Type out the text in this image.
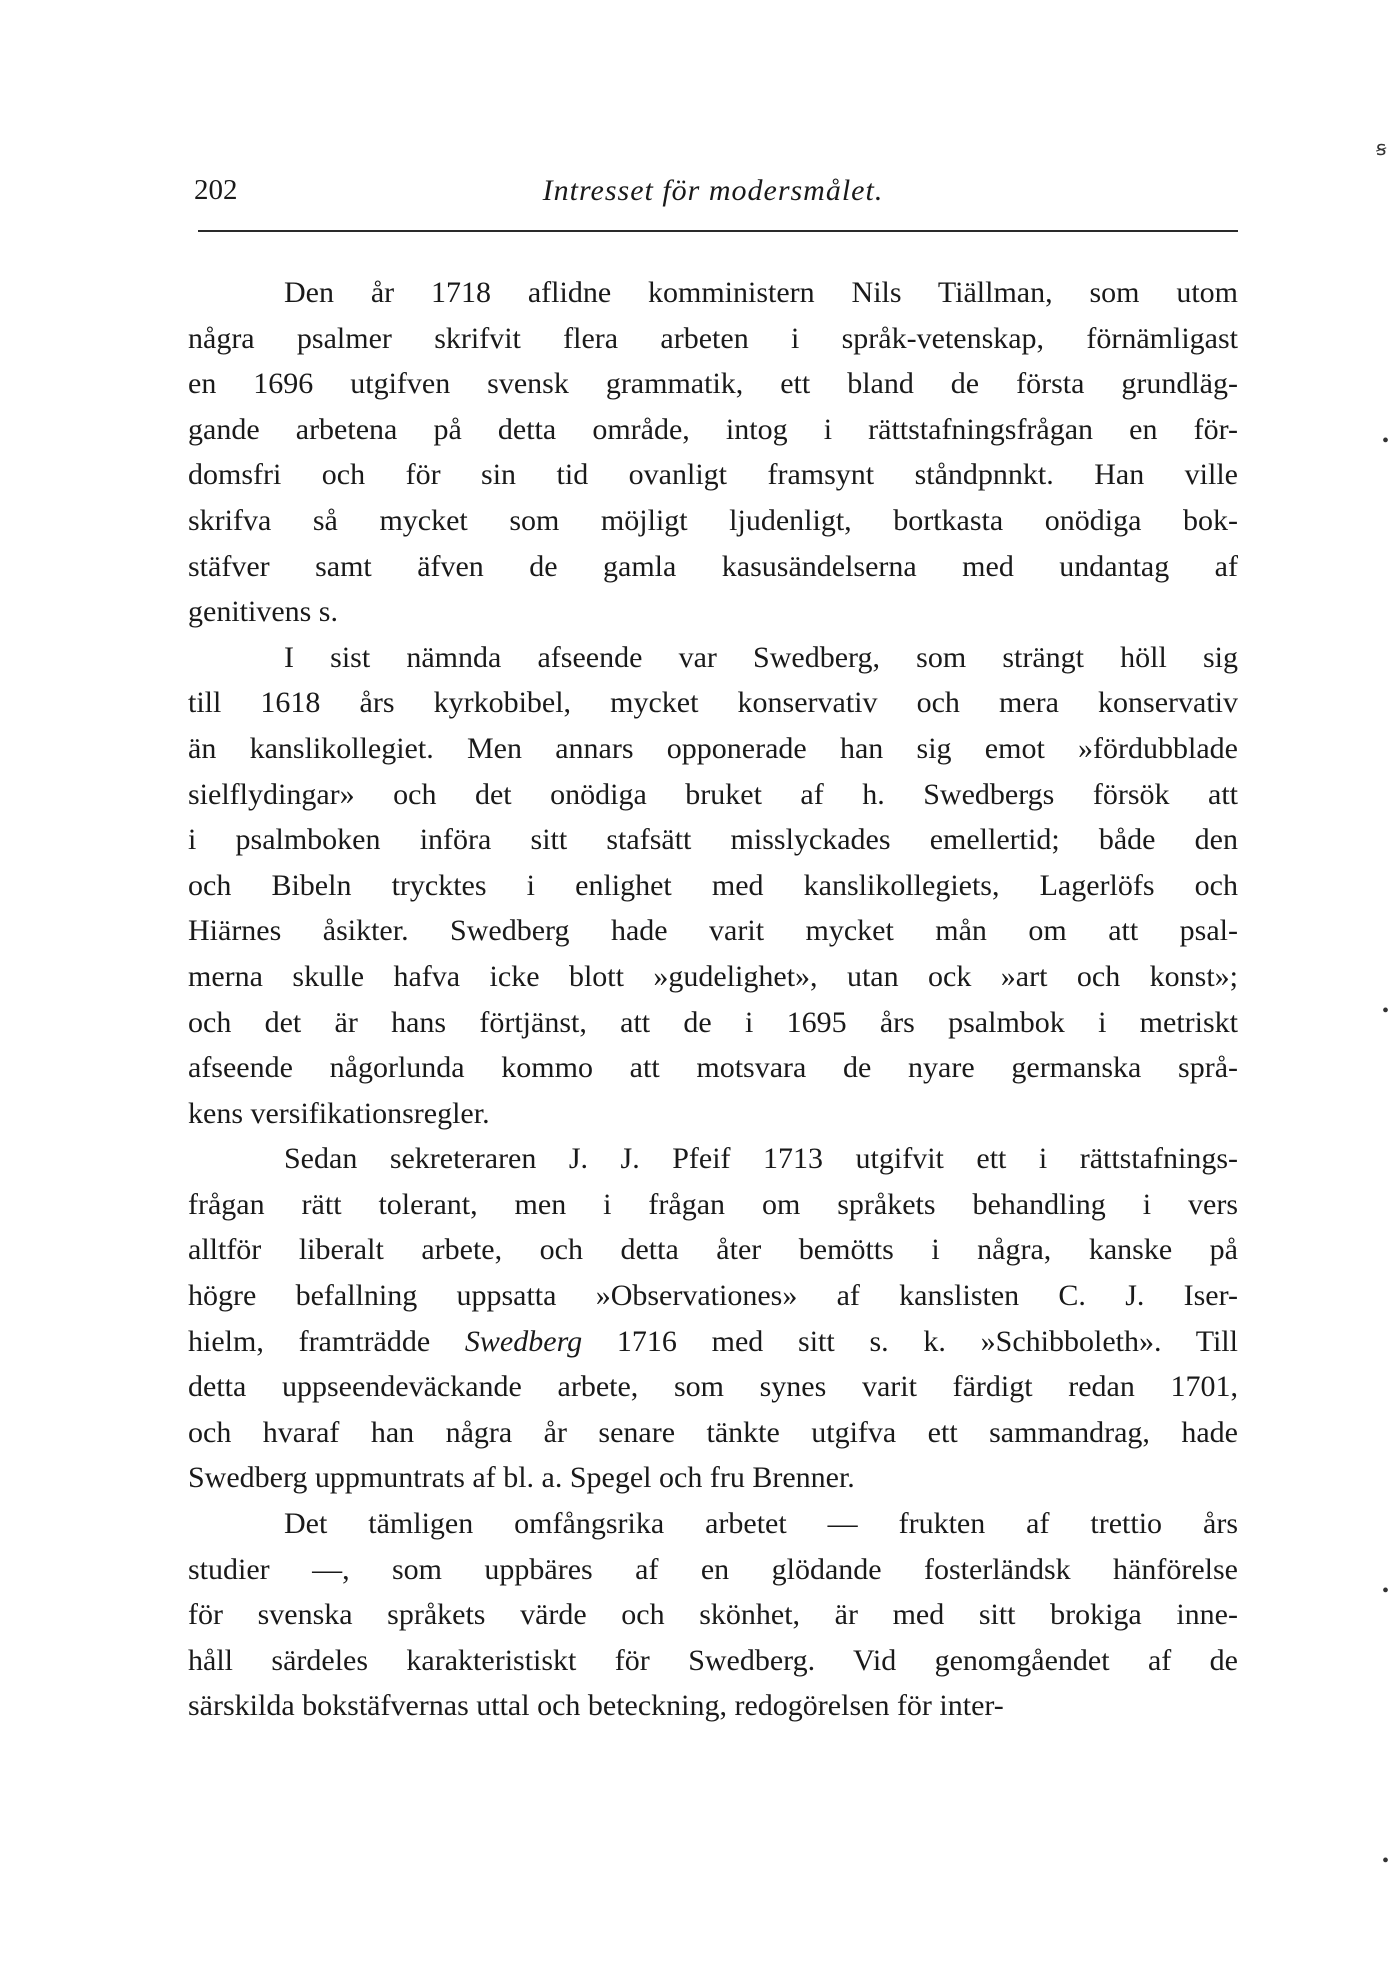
202	Intresset för modersmålet.
Den år 1718 aflidne komministern Nils Tiällman, som utom
några psalmer skrifvit flera arbeten i språk-vetenskap, förnämligast
en 1696 utgifven svensk grammatik, ett bland de första grundläg-
gande arbetena på detta område, intog i rättstafningsfrågan en för-
domsfri och för sin tid ovanligt framsynt ståndpnnkt. Han ville
skrifva så mycket som möjligt ljudenligt, bortkasta onödiga bok-
stäfver samt äfven de gamla kasusändelserna med undantag af
genitivens s.
I sist nämnda afseende var Swedberg, som strängt höll sig
till 1618 års kyrkobibel, mycket konservativ och mera konservativ
än kanslikollegiet. Men annars opponerade han sig emot »fördubblade
sielflydingar» och det onödiga bruket af h. Swedbergs försök att
i psalmboken införa sitt stafsätt misslyckades emellertid; både den
och Bibeln trycktes i enlighet med kanslikollegiets, Lagerlöfs och
Hiärnes åsikter. Swedberg hade varit mycket mån om att psal-
merna skulle hafva icke blott »gudelighet», utan ock »art och konst»;
och det är hans förtjänst, att de i 1695 års psalmbok i metriskt
afseende någorlunda kommo att motsvara de nyare germanska språ-
kens versifikationsregler.
Sedan sekreteraren J. J. Pfeif 1713 utgifvit ett i rättstafnings-
frågan rätt tolerant, men i frågan om språkets behandling i vers
alltför liberalt arbete, och detta åter bemötts i några, kanske på
högre befallning uppsatta »Observationes» af kanslisten C. J. Iser-
hielm, framträdde Swedberg 1716 med sitt s. k. »Schibboleth». Till
detta uppseendeväckande arbete, som synes varit färdigt redan 1701,
och hvaraf han några år senare tänkte utgifva ett sammandrag, hade
Swedberg uppmuntrats af bl. a. Spegel och fru Brenner.
Det tämligen omfångsrika arbetet — frukten af trettio års
studier —, som uppbäres af en glödande fosterländsk hänförelse
för svenska språkets värde och skönhet, är med sitt brokiga inne-
håll särdeles karakteristiskt för Swedberg. Vid genomgåendet af de
särskilda bokstäfvernas uttal och beteckning, redogörelsen för inter-
ꞩ
•
•
•
•
